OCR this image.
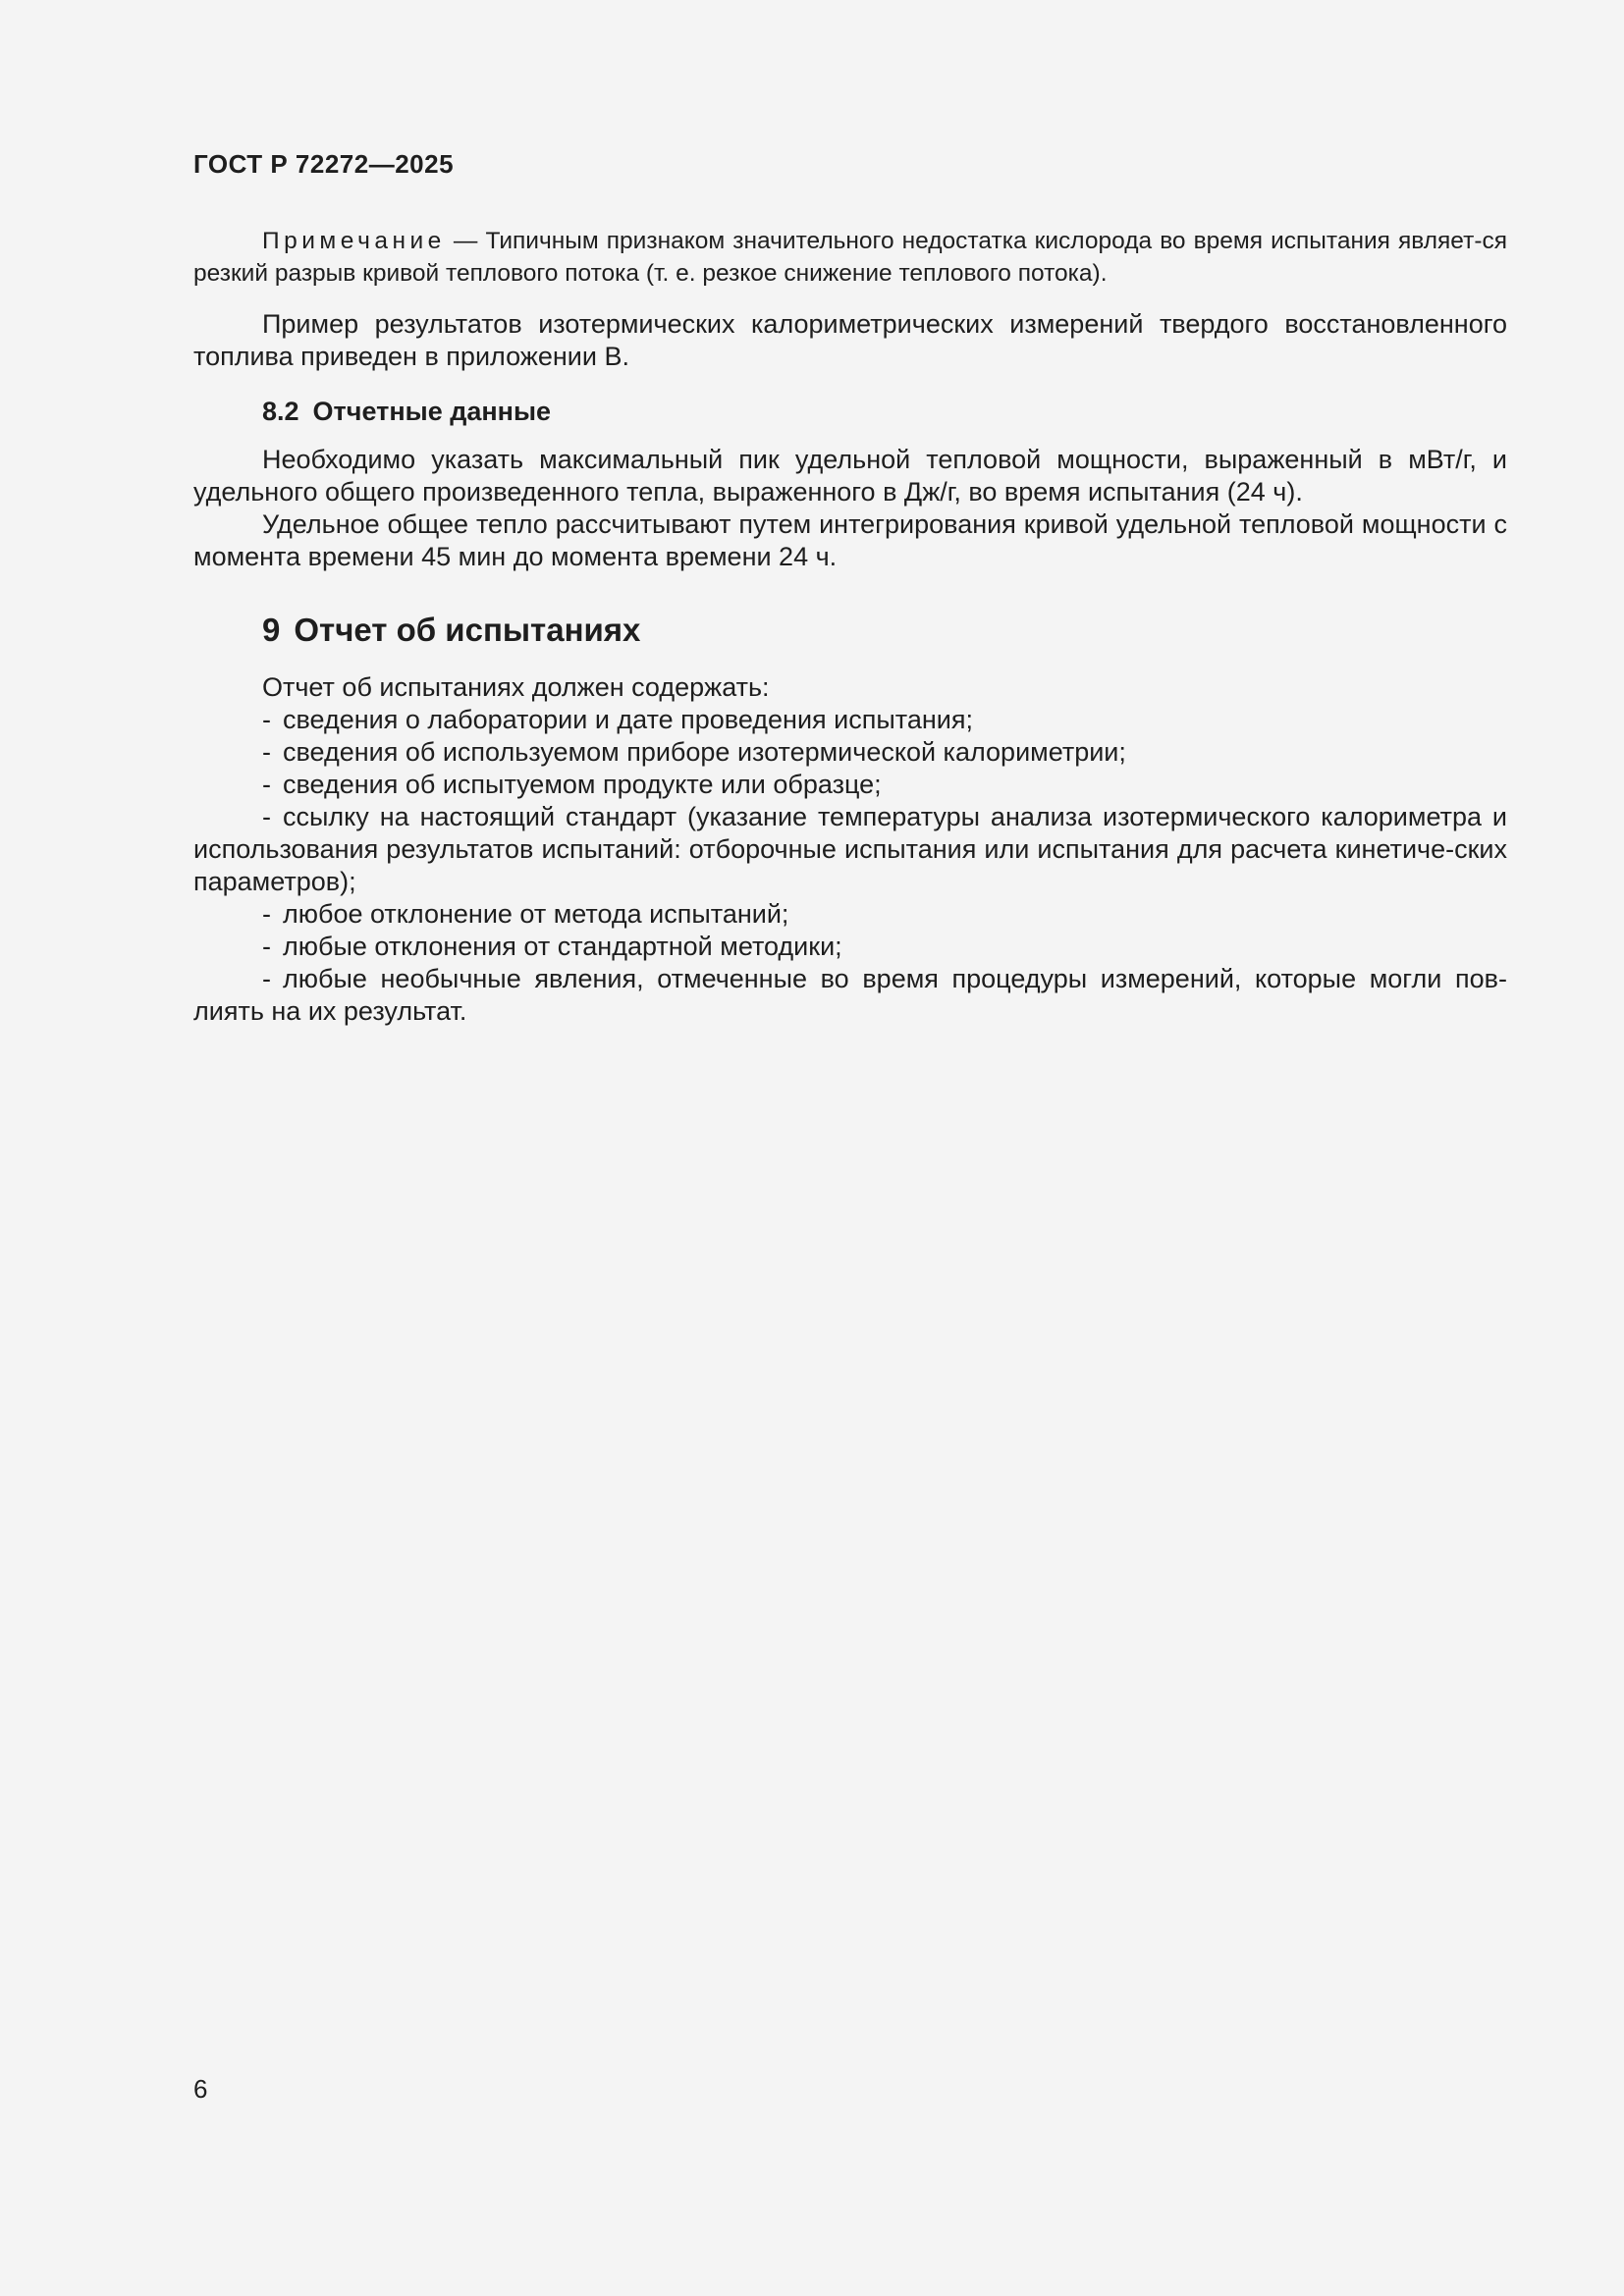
ГОСТ Р 72272—2025

Примечание — Типичным признаком значительного недостатка кислорода во время испытания являет-ся резкий разрыв кривой теплового потока (т. е. резкое снижение теплового потока).

Пример результатов изотермических калориметрических измерений твердого восстановленного топлива приведен в приложении В.

8.2 Отчетные данные

Необходимо указать максимальный пик удельной тепловой мощности, выраженный в мВт/г, и удельного общего произведенного тепла, выраженного в Дж/г, во время испытания (24 ч).

Удельное общее тепло рассчитывают путем интегрирования кривой удельной тепловой мощности с момента времени 45 мин до момента времени 24 ч.

9 Отчет об испытаниях

Отчет об испытаниях должен содержать:

- сведения о лаборатории и дате проведения испытания;

- сведения об используемом приборе изотермической калориметрии;

- сведения об испытуемом продукте или образце;

- ссылку на настоящий стандарт (указание температуры анализа изотермического калориметра и использования результатов испытаний: отборочные испытания или испытания для расчета кинетиче-ских параметров);

- любое отклонение от метода испытаний;

- любые отклонения от стандартной методики;

- любые необычные явления, отмеченные во время процедуры измерений, которые могли пов-лиять на их результат.

6
